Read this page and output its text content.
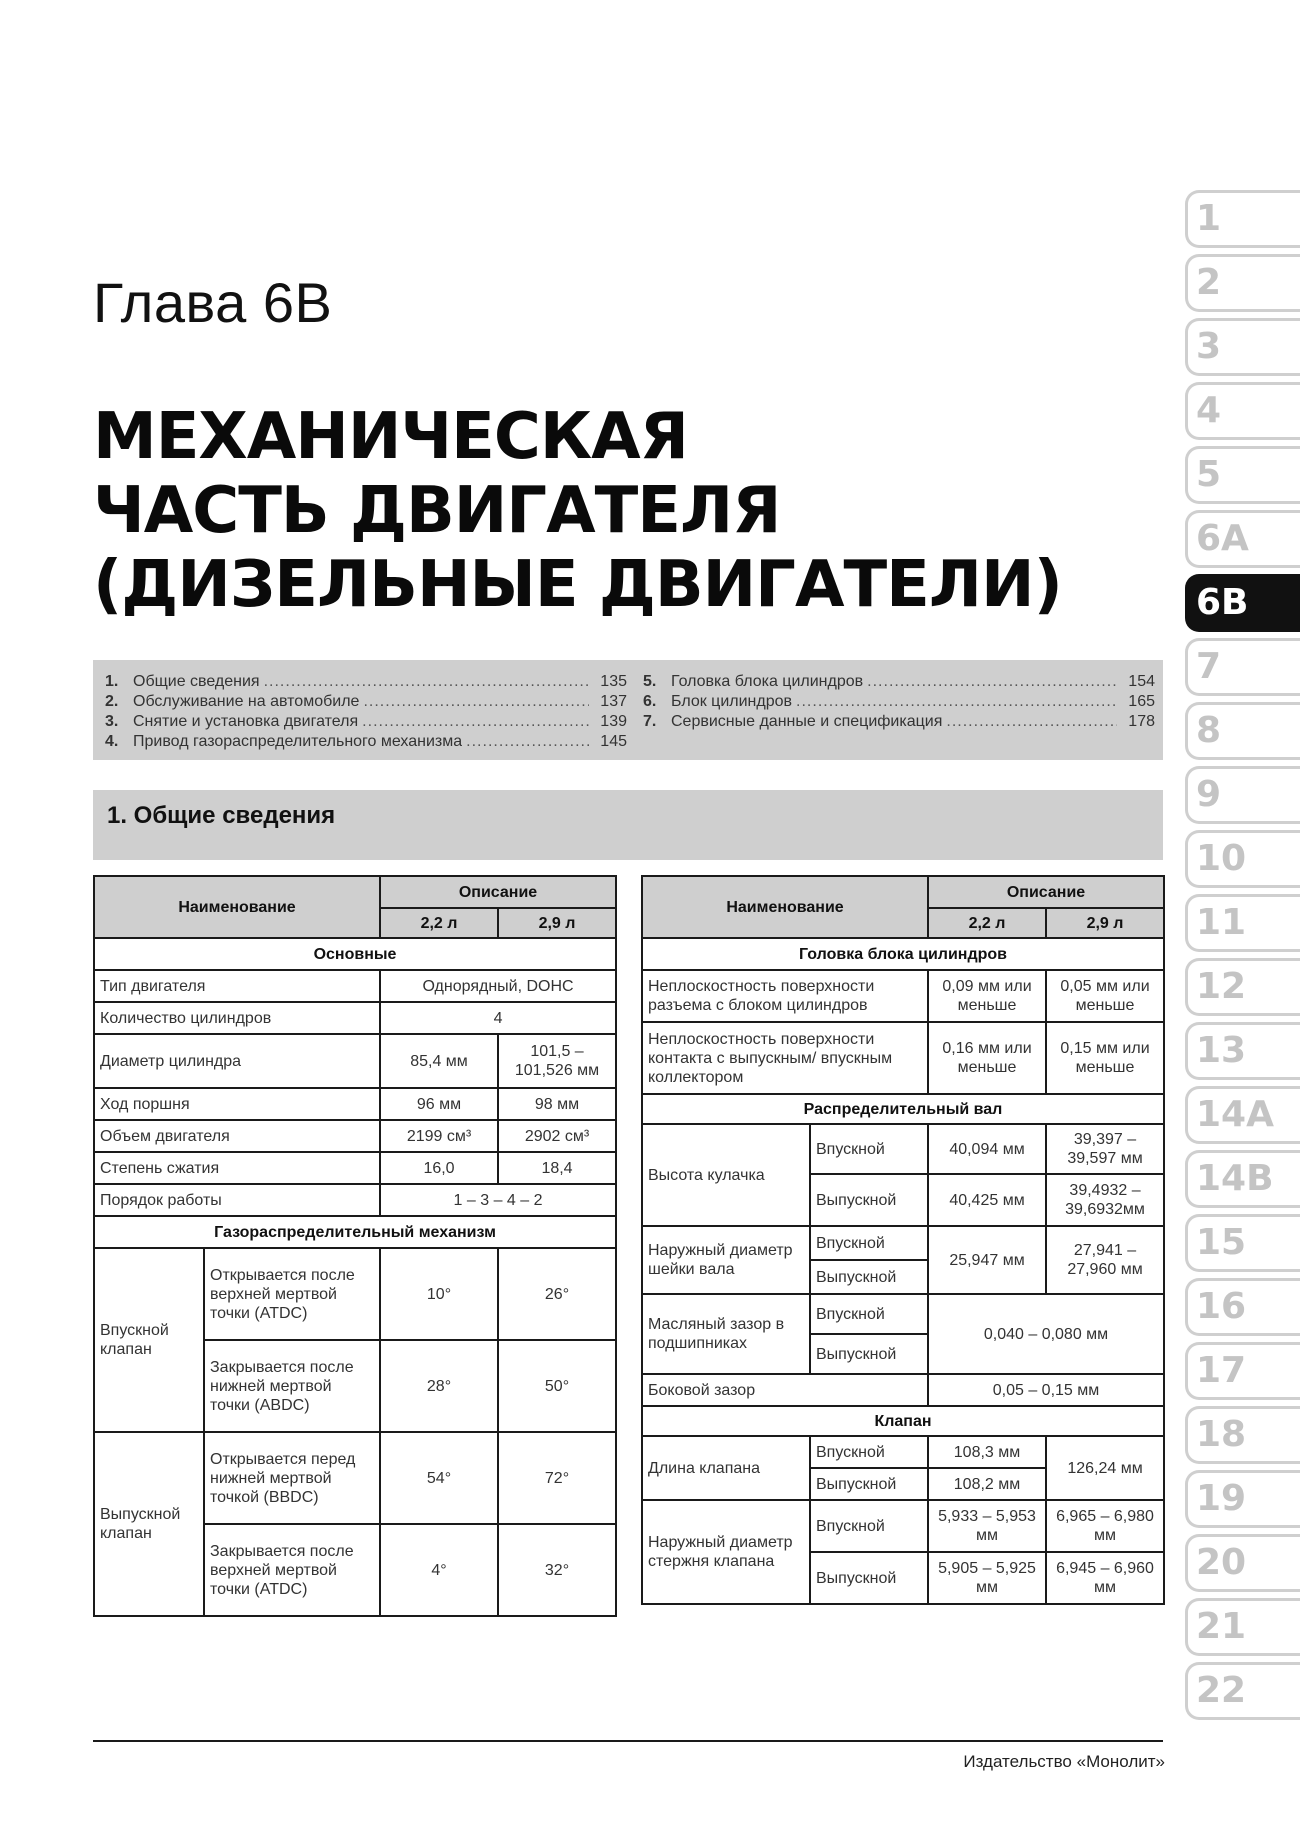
Глава 6В
МЕХАНИЧЕСКАЯ
ЧАСТЬ ДВИГАТЕЛЯ
(ДИЗЕЛЬНЫЕ ДВИГАТЕЛИ)
1. Общие сведения .....	135
2. Обслуживание на автомобиле .....	137
3. Снятие и установка двигателя .....	139
4. Привод газораспределительного механизма .....	145
5. Головка блока цилиндров .....	154
6. Блок цилиндров .....	165
7. Сервисные данные и спецификация .....	178
1. Общие сведения
Наименование		Описание	
		2,2 л	2,9 л
Основные			
Тип двигателя		Однорядный, DOHC	
Количество цилиндров		4	
Диаметр цилиндра		85,4 мм	101,5 – 101,526 мм
Ход поршня		96 мм	98 мм
Объем двигателя		2199 см³	2902 см³
Степень сжатия		16,0	18,4
Порядок работы		1 – 3 – 4 – 2	
Газораспределительный механизм			
Впускной клапан	Открывается после верхней мертвой точки (ATDC)	10°	26°
	Закрывается после нижней мертвой точки (ABDC)	28°	50°
Выпускной клапан	Открывается перед нижней мертвой точкой (BBDC)	54°	72°
	Закрывается после верхней мертвой точки (ATDC)	4°	32°
Наименование		Описание	
		2,2 л	2,9 л
Головка блока цилиндров			
Неплоскостность поверхности разъема с блоком цилиндров		0,09 мм или меньше	0,05 мм или меньше
Неплоскостность поверхности контакта с выпускным/ впускным коллектором		0,16 мм или меньше	0,15 мм или меньше
Распределительный вал			
Высота кулачка	Впускной	40,094 мм	39,397 – 39,597 мм
	Выпускной	40,425 мм	39,4932 – 39,6932мм
Наружный диаметр шейки вала	Впускной	25,947 мм	27,941 – 27,960 мм
	Выпускной		
Масляный зазор в подшипниках	Впускной	0,040 – 0,080 мм	
	Выпускной		
Боковой зазор		0,05 – 0,15 мм	
Клапан			
Длина клапана	Впускной	108,3 мм	126,24 мм
	Выпускной	108,2 мм	
Наружный диаметр стержня клапана	Впускной	5,933 – 5,953 мм	6,965 – 6,980 мм
	Выпускной	5,905 – 5,925 мм	6,945 – 6,960 мм
1
2
3
4
5
6А
6В
7
8
9
10
11
12
13
14А
14В
15
16
17
18
19
20
21
22
Издательство «Монолит»
